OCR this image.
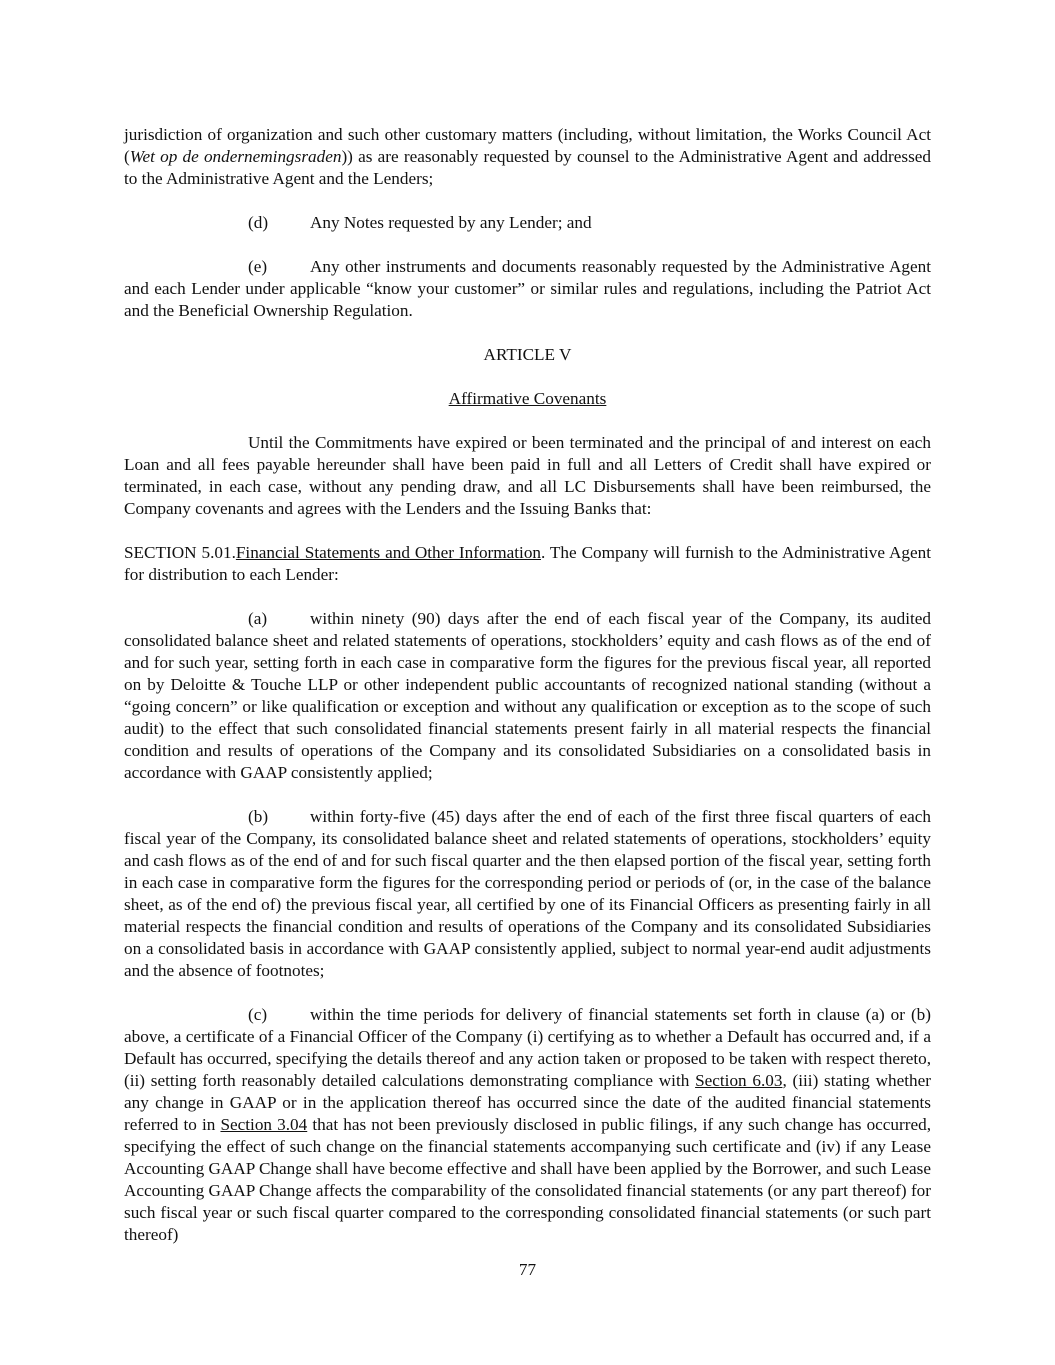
jurisdiction of organization and such other customary matters (including, without limitation, the Works Council Act (Wet op de ondernemingsraden)) as are reasonably requested by counsel to the Administrative Agent and addressed to the Administrative Agent and the Lenders;

(d) Any Notes requested by any Lender; and

(e) Any other instruments and documents reasonably requested by the Administrative Agent and each Lender under applicable “know your customer” or similar rules and regulations, including the Patriot Act and the Beneficial Ownership Regulation.

ARTICLE V

Affirmative Covenants

Until the Commitments have expired or been terminated and the principal of and interest on each Loan and all fees payable hereunder shall have been paid in full and all Letters of Credit shall have expired or terminated, in each case, without any pending draw, and all LC Disbursements shall have been reimbursed, the Company covenants and agrees with the Lenders and the Issuing Banks that:

SECTION 5.01.Financial Statements and Other Information. The Company will furnish to the Administrative Agent for distribution to each Lender:

(a) within ninety (90) days after the end of each fiscal year of the Company, its audited consolidated balance sheet and related statements of operations, stockholders’ equity and cash flows as of the end of and for such year, setting forth in each case in comparative form the figures for the previous fiscal year, all reported on by Deloitte & Touche LLP or other independent public accountants of recognized national standing (without a “going concern” or like qualification or exception and without any qualification or exception as to the scope of such audit) to the effect that such consolidated financial statements present fairly in all material respects the financial condition and results of operations of the Company and its consolidated Subsidiaries on a consolidated basis in accordance with GAAP consistently applied;

(b) within forty-five (45) days after the end of each of the first three fiscal quarters of each fiscal year of the Company, its consolidated balance sheet and related statements of operations, stockholders’ equity and cash flows as of the end of and for such fiscal quarter and the then elapsed portion of the fiscal year, setting forth in each case in comparative form the figures for the corresponding period or periods of (or, in the case of the balance sheet, as of the end of) the previous fiscal year, all certified by one of its Financial Officers as presenting fairly in all material respects the financial condition and results of operations of the Company and its consolidated Subsidiaries on a consolidated basis in accordance with GAAP consistently applied, subject to normal year-end audit adjustments and the absence of footnotes;

(c) within the time periods for delivery of financial statements set forth in clause (a) or (b) above, a certificate of a Financial Officer of the Company (i) certifying as to whether a Default has occurred and, if a Default has occurred, specifying the details thereof and any action taken or proposed to be taken with respect thereto, (ii) setting forth reasonably detailed calculations demonstrating compliance with Section 6.03, (iii) stating whether any change in GAAP or in the application thereof has occurred since the date of the audited financial statements referred to in Section 3.04 that has not been previously disclosed in public filings, if any such change has occurred, specifying the effect of such change on the financial statements accompanying such certificate and (iv) if any Lease Accounting GAAP Change shall have become effective and shall have been applied by the Borrower, and such Lease Accounting GAAP Change affects the comparability of the consolidated financial statements (or any part thereof) for such fiscal year or such fiscal quarter compared to the corresponding consolidated financial statements (or such part thereof)

77
